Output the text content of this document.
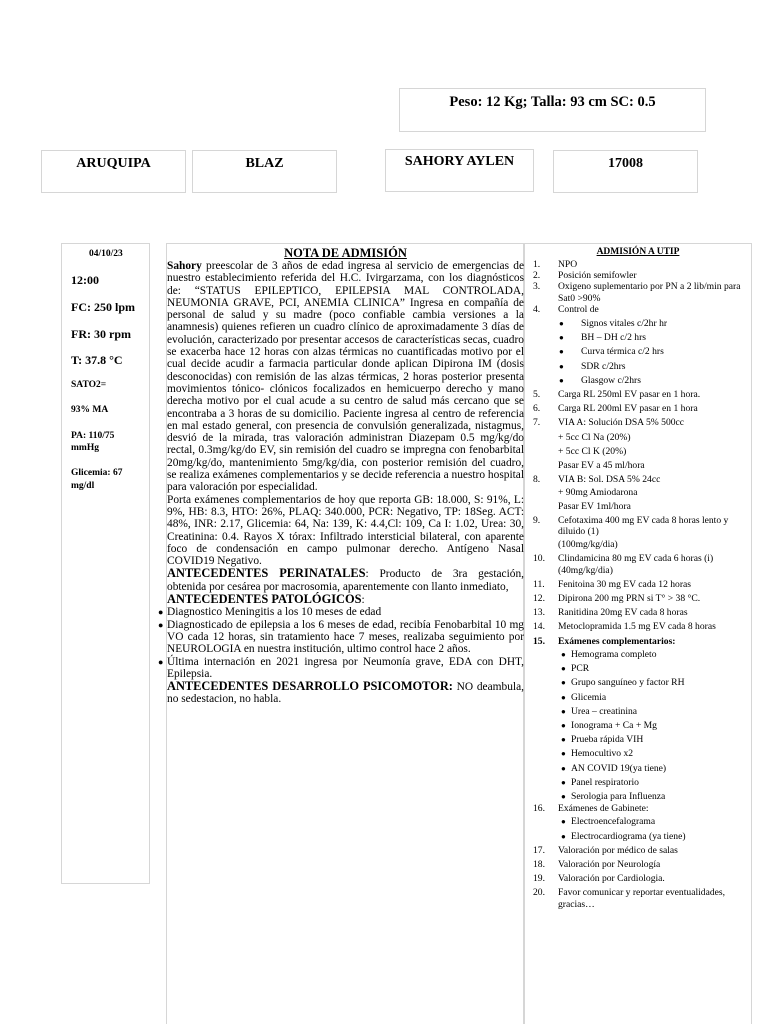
Peso: 12 Kg; Talla: 93 cm SC: 0.5
ARUQUIPA	BLAZ	SAHORY AYLEN	17008
04/10/23
12:00
FC: 250 lpm
FR: 30 rpm
T: 37.8 °C
SATO2=
93% MA
PA: 110/75
mmHg
Glicemia: 67
mg/dl

NOTA DE ADMISIÓN

Sahory preescolar de 3 años de edad ingresa al servicio de emergencias de nuestro establecimiento referida del H.C. Ivirgarzama, con los diagnósticos de: “STATUS EPILEPTICO, EPILEPSIA MAL CONTROLADA, NEUMONIA GRAVE, PCI, ANEMIA CLINICA” Ingresa en compañía de personal de salud y su madre (poco confiable cambia versiones a la anamnesis) quienes refieren un cuadro clínico de aproximadamente 3 días de evolución, caracterizado por presentar accesos de características secas, cuadro se exacerba hace 12 horas con alzas térmicas no cuantificadas motivo por el cual decide acudir a farmacia particular donde aplican Dipirona IM (dosis desconocidas) con remisión de las alzas térmicas, 2 horas posterior presenta movimientos tónico- clónicos focalizados en hemicuerpo derecho y mano derecha motivo por el cual acude a su centro de salud más cercano que se encontraba a 3 horas de su domicilio. Paciente ingresa al centro de referencia en mal estado general, con presencia de convulsión generalizada, nistagmus, desvió de la mirada, tras valoración administran Diazepam 0.5 mg/kg/do rectal, 0.3mg/kg/do EV, sin remisión del cuadro se impregna con fenobarbital 20mg/kg/do, mantenimiento 5mg/kg/dia, con posterior remisión del cuadro, se realiza exámenes complementarios y se decide referencia a nuestro hospital para valoración por especialidad.

Porta exámenes complementarios de hoy que reporta GB: 18.000, S: 91%, L: 9%, HB: 8.3, HTO: 26%, PLAQ: 340.000, PCR: Negativo, TP: 18Seg. ACT: 48%, INR: 2.17, Glicemia: 64, Na: 139, K: 4.4,Cl: 109, Ca I: 1.02, Urea: 30, Creatinina: 0.4. Rayos X tórax: Infiltrado intersticial bilateral, con aparente foco de condensación en campo pulmonar derecho. Antígeno Nasal COVID19 Negativo.

ANTECEDENTES PERINATALES: Producto de 3ra gestación, obtenida por cesárea por macrosomia, aparentemente con llanto inmediato,

ANTECEDENTES PATOLÓGICOS:

● Diagnostico Meningitis a los 10 meses de edad
● Diagnosticado de epilepsia a los 6 meses de edad, recibía Fenobarbital 10 mg VO cada 12 horas, sin tratamiento hace 7 meses, realizaba seguimiento por NEUROLOGIA en nuestra institución, ultimo control hace 2 años.
● Última internación en 2021 ingresa por Neumonía grave, EDA con DHT, Epilepsia.

ANTECEDENTES DESARROLLO PSICOMOTOR: NO deambula, no sedestacion, no habla.

ADMISIÓN A UTIP
1. NPO
2. Posición semifowler
3. Oxigeno suplementario por PN a 2 lib/min para Sat0 >90%
4. Control de
● Signos vitales c/2hr hr
● BH – DH c/2 hrs
● Curva térmica c/2 hrs
● SDR c/2hrs
● Glasgow c/2hrs
5. Carga RL 250ml EV pasar en 1 hora.
6. Carga RL 200ml EV pasar en 1 hora
7. VIA A: Solución DSA 5% 500cc
+ 5cc Cl Na (20%)
+ 5cc Cl K (20%)
Pasar EV a 45 ml/hora
8. VIA B: Sol. DSA 5% 24cc
+ 90mg Amiodarona
Pasar EV 1ml/hora
9. Cefotaxima 400 mg EV cada 8 horas lento y diluido (1)
(100mg/kg/dia)
10. Clindamicina 80 mg EV cada 6 horas (i) (40mg/kg/dia)
11. Fenitoina 30 mg EV cada 12 horas
12. Dipirona 200 mg PRN si T° > 38 °C.
13. Ranitidina 20mg EV cada 8 horas
14. Metoclopramida 1.5 mg EV cada 8 horas
15. Exámenes complementarios:
● Hemograma completo
● PCR
● Grupo sanguíneo y factor RH
● Glicemia
● Urea – creatinina
● Ionograma + Ca + Mg
● Prueba rápida VIH
● Hemocultivo x2
● AN COVID 19(ya tiene)
● Panel respiratorio
● Serologia para Influenza
16. Exámenes de Gabinete:
● Electroencefalograma
● Electrocardiograma (ya tiene)
17. Valoración por médico de salas
18. Valoración por Neurología
19. Valoración por Cardiologia.
20. Favor comunicar y reportar eventualidades, gracias…
